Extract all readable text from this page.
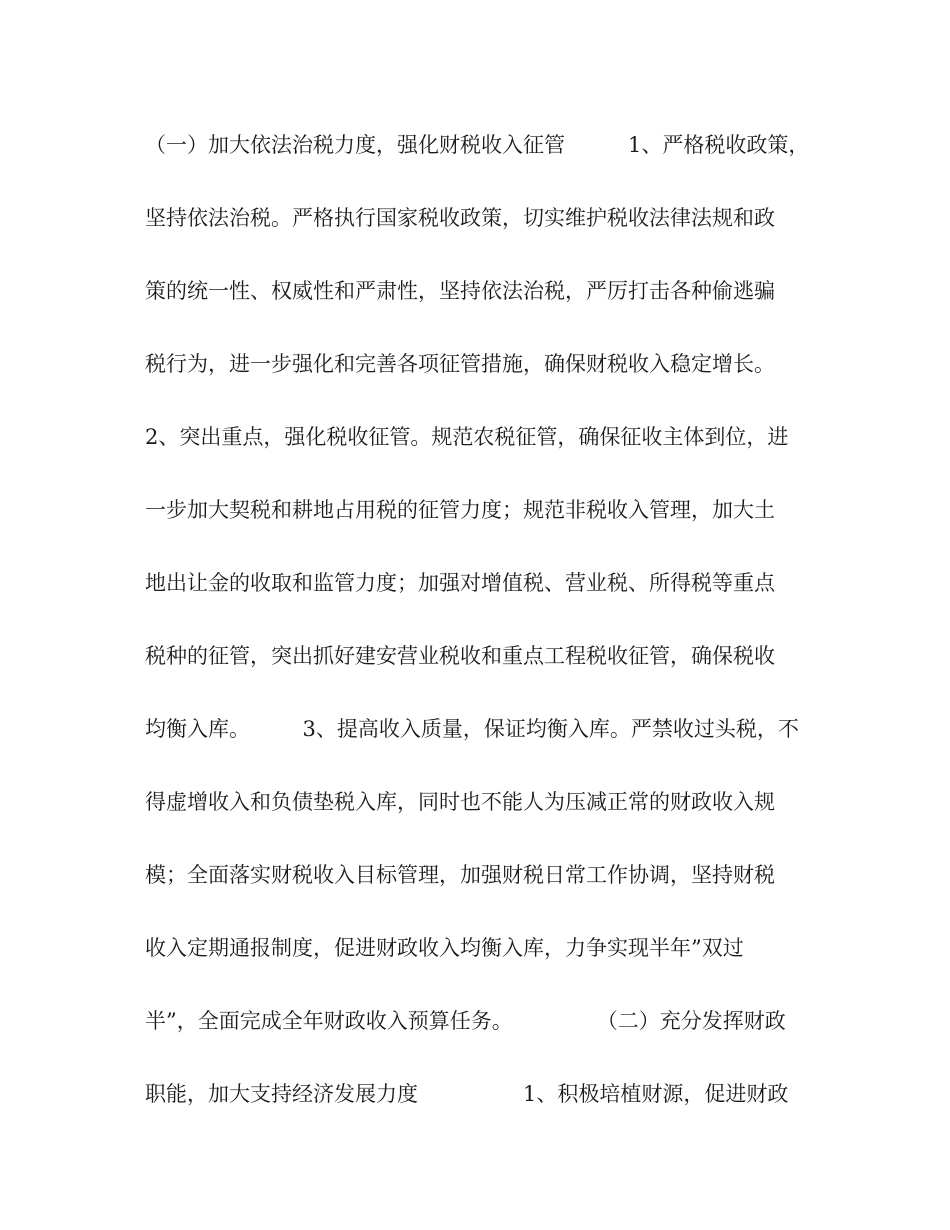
（一）加大依法治税力度，强化财税收入征管　　　1、严格税收政策，
坚持依法治税。严格执行国家税收政策，切实维护税收法律法规和政
策的统一性、权威性和严肃性，坚持依法治税，严厉打击各种偷逃骗
税行为，进一步强化和完善各项征管措施，确保财税收入稳定增长。
2、突出重点，强化税收征管。规范农税征管，确保征收主体到位，进
一步加大契税和耕地占用税的征管力度；规范非税收入管理，加大土
地出让金的收取和监管力度；加强对增值税、营业税、所得税等重点
税种的征管，突出抓好建安营业税收和重点工程税收征管，确保税收
均衡入库。　　　3、提高收入质量，保证均衡入库。严禁收过头税，不
得虚增收入和负债垫税入库，同时也不能人为压减正常的财政收入规
模；全面落实财税收入目标管理，加强财税日常工作协调，坚持财税
收入定期通报制度，促进财政收入均衡入库，力争实现半年”双过
半”，全面完成全年财政收入预算任务。　　　　　（二）充分发挥财政
职能，加大支持经济发展力度　　　　　1、积极培植财源，促进财政
